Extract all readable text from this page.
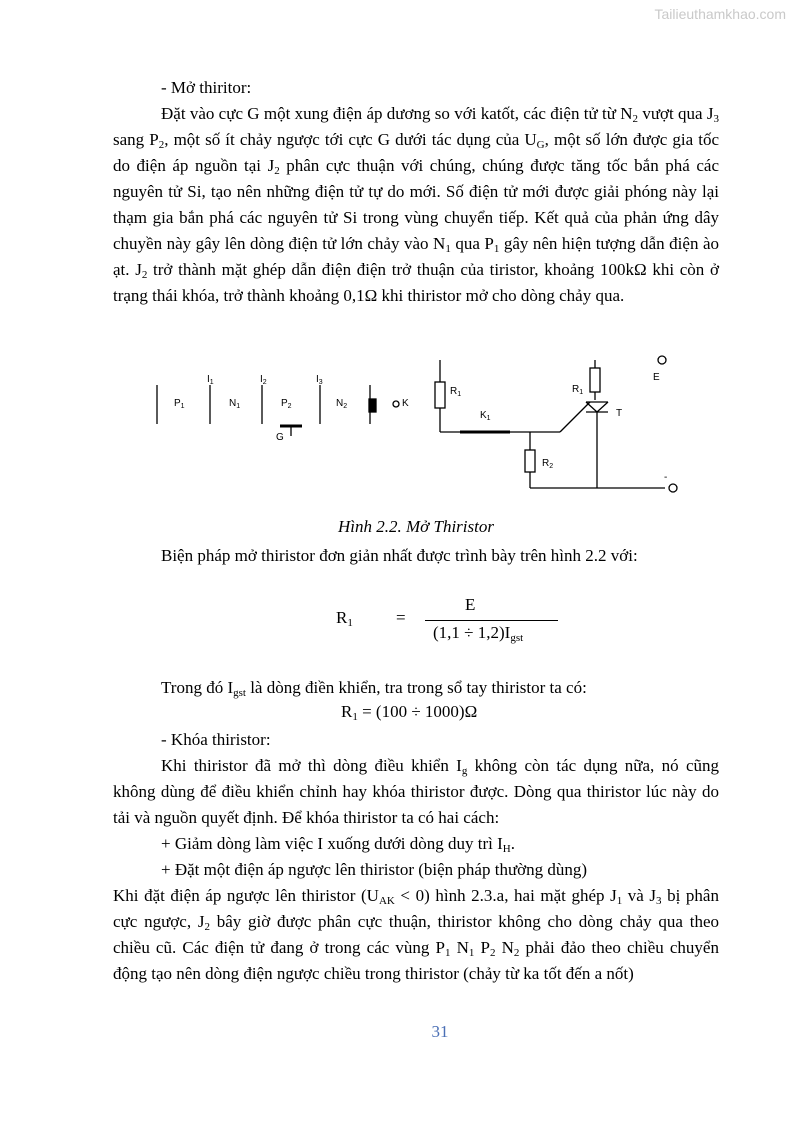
Tailieuthamkhao.com
- Mở thiritor:
Đặt vào cực G một xung điện áp dương so với katốt, các điện tử từ $N_2$ vượt qua $J_3$ sang $P_2$, một số ít chảy ngược tới cực G dưới tác dụng của $U_G$, một số lớn được gia tốc do điện áp nguồn tại $J_2$ phân cực thuận với chúng, chúng được tăng tốc bắn phá các nguyên tử Si, tạo nên những điện tử tự do mới. Số điện tử mới được giải phóng này lại thạm gia bắn phá các nguyên tử Si trong vùng chuyển tiếp. Kết quả của phản ứng dây chuyền này gây lên dòng điện tử lớn chảy vào $N_1$ qua $P_1$ gây nên hiện tượng dẫn điện ào ạt. $J_2$ trở thành mặt ghép dẫn điện điện trở thuận của tiristor, khoảng 100kΩ khi còn ở trạng thái khóa, trở thành khoảng 0,1Ω khi thiristor mở cho dòng chảy qua.
$I_1$	$I_2$	$I_3$
$P_1$	$N_1$	$P_2$	$N_2$	K
G
$R_1$	$R_1$
$K_1$
$R_2$
E
T
-
Hình 2.2. Mở Thiristor
Biện pháp mở thiristor đơn giản nhất được trình bày trên hình 2.2 với:
$R_1$	=
E
$(1,1 \div 1,2)I_{gst}$
Trong đó $I_{gst}$ là dòng điền khiển, tra trong sổ tay thiristor ta có:
$R_1 = (100 \div 1000)\Omega$
- Khóa thiristor:
Khi thiristor đã mở thì dòng điều khiển $I_g$ không còn tác dụng nữa, nó cũng không dùng để điều khiển chỉnh hay khóa thiristor được. Dòng qua thiristor lúc này do tải và nguồn quyết định. Để khóa thiristor ta có hai cách:
+ Giảm dòng làm việc I xuống dưới dòng duy trì $I_H$.
+ Đặt một điện áp ngược lên thiristor (biện pháp thường dùng)
Khi đặt điện áp ngược lên thiristor $(U_{AK} < 0)$ hình 2.3.a, hai mặt ghép $J_1$ và $J_3$ bị phân cực ngược, $J_2$ bây giờ được phân cực thuận, thiristor không cho dòng chảy qua theo chiều cũ. Các điện tử đang ở trong các vùng $P_1$ $N_1$ $P_2$ $N_2$ phải đảo theo chiều chuyển động tạo nên dòng điện ngược chiều trong thiristor (chảy từ ka tốt đến a nốt)
31
